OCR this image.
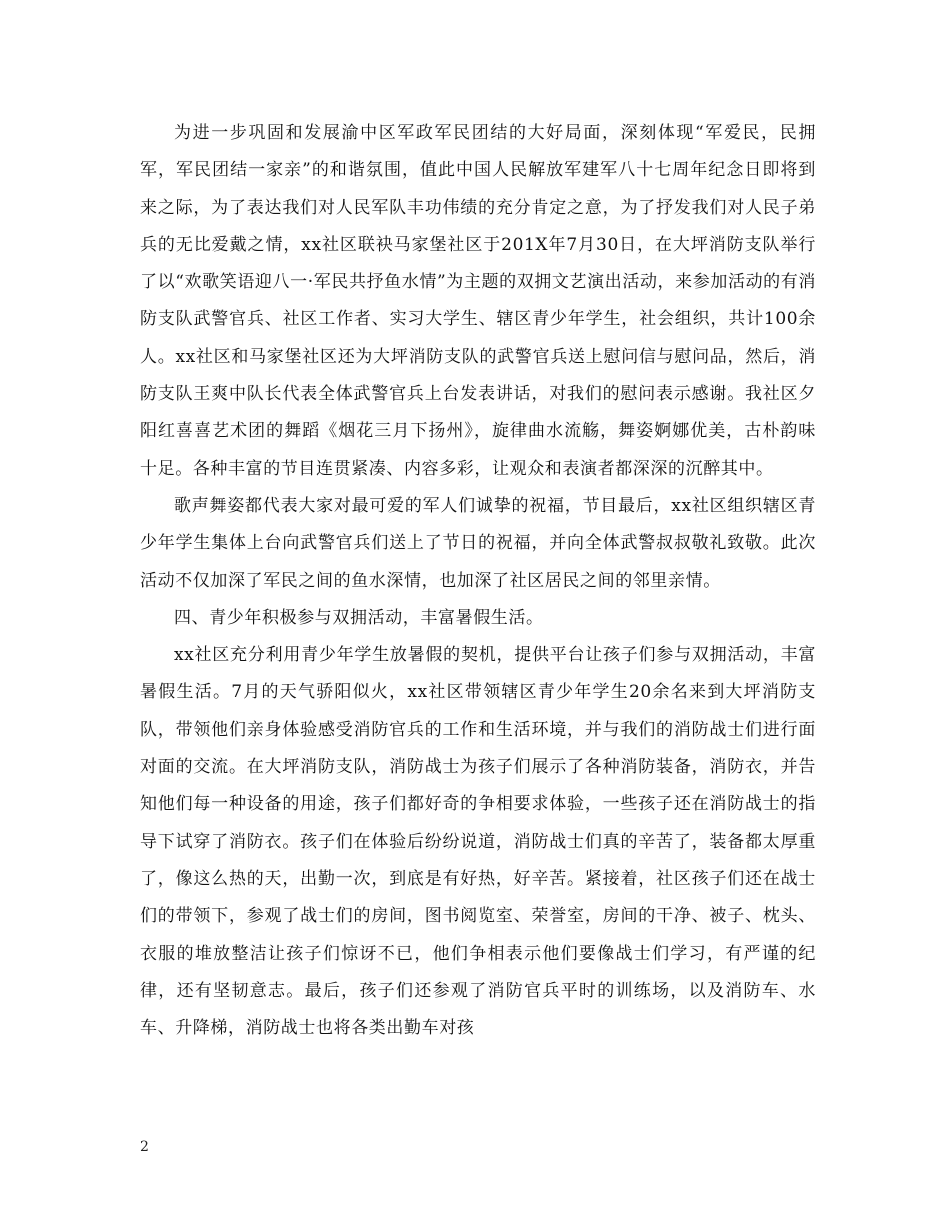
为进一步巩固和发展渝中区军政军民团结的大好局面，深刻体现“军爱民，民拥军，军民团结一家亲”的和谐氛围，值此中国人民解放军建军八十七周年纪念日即将到来之际，为了表达我们对人民军队丰功伟绩的充分肯定之意，为了抒发我们对人民子弟兵的无比爱戴之情，xx社区联袂马家堡社区于201X年7月30日，在大坪消防支队举行了以“欢歌笑语迎八一·军民共抒鱼水情”为主题的双拥文艺演出活动，来参加活动的有消防支队武警官兵、社区工作者、实习大学生、辖区青少年学生，社会组织，共计100余人。xx社区和马家堡社区还为大坪消防支队的武警官兵送上慰问信与慰问品，然后，消防支队王爽中队长代表全体武警官兵上台发表讲话，对我们的慰问表示感谢。我社区夕阳红喜喜艺术团的舞蹈《烟花三月下扬州》，旋律曲水流觞，舞姿婀娜优美，古朴韵味十足。各种丰富的节目连贯紧凑、内容多彩，让观众和表演者都深深的沉醉其中。

歌声舞姿都代表大家对最可爱的军人们诚挚的祝福，节目最后，xx社区组织辖区青少年学生集体上台向武警官兵们送上了节日的祝福，并向全体武警叔叔敬礼致敬。此次活动不仅加深了军民之间的鱼水深情，也加深了社区居民之间的邻里亲情。

四、青少年积极参与双拥活动，丰富暑假生活。

xx社区充分利用青少年学生放暑假的契机，提供平台让孩子们参与双拥活动，丰富暑假生活。7月的天气骄阳似火，xx社区带领辖区青少年学生20余名来到大坪消防支队，带领他们亲身体验感受消防官兵的工作和生活环境，并与我们的消防战士们进行面对面的交流。在大坪消防支队，消防战士为孩子们展示了各种消防装备，消防衣，并告知他们每一种设备的用途，孩子们都好奇的争相要求体验，一些孩子还在消防战士的指导下试穿了消防衣。孩子们在体验后纷纷说道，消防战士们真的辛苦了，装备都太厚重了，像这么热的天，出勤一次，到底是有好热，好辛苦。紧接着，社区孩子们还在战士们的带领下，参观了战士们的房间，图书阅览室、荣誉室，房间的干净、被子、枕头、衣服的堆放整洁让孩子们惊讶不已，他们争相表示他们要像战士们学习，有严谨的纪律，还有坚韧意志。最后，孩子们还参观了消防官兵平时的训练场，以及消防车、水车、升降梯，消防战士也将各类出勤车对孩

2
